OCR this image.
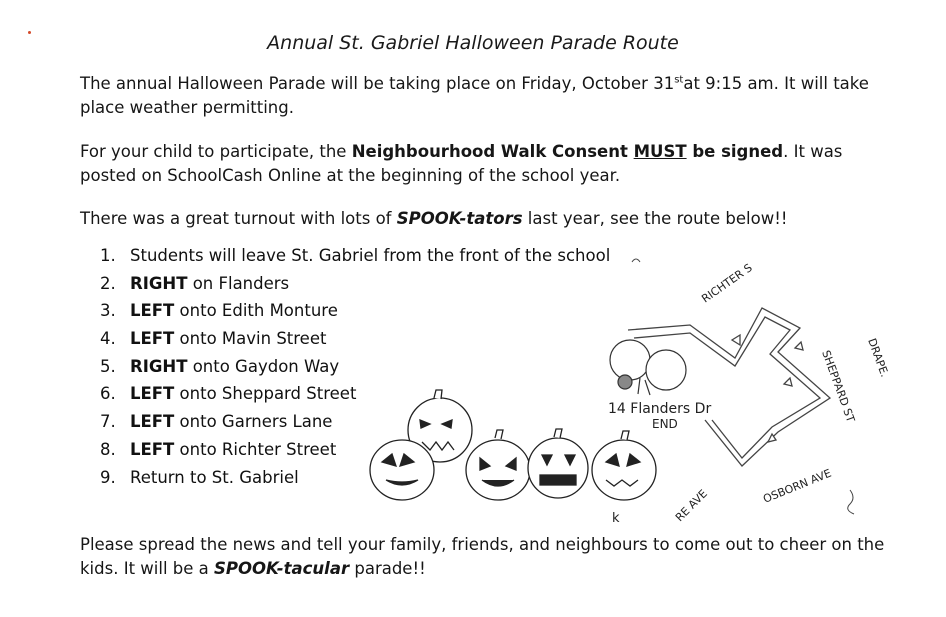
Annual St. Gabriel Halloween Parade Route
The annual Halloween Parade will be taking place on Friday, October 31stat 9:15 am. It will take place weather permitting.
For your child to participate, the Neighbourhood Walk Consent MUST be signed. It was posted on SchoolCash Online at the beginning of the school year.
There was a great turnout with lots of SPOOK-tators last year, see the route below!!
1. Students will leave St. Gabriel from the front of the school
2. RIGHT on Flanders
3. LEFT onto Edith Monture
4. LEFT onto Mavin Street
5. RIGHT onto Gaydon Way
6. LEFT onto Sheppard Street
7. LEFT onto Garners Lane
8. LEFT onto Richter Street
9. Return to St. Gabriel
14 Flanders Dr
END
RICHTER S
SHEPPARD ST DRAPE.
OSBORN AVE
RE AVE
k
Please spread the news and tell your family, friends, and neighbours to come out to cheer on the kids. It will be a SPOOK-tacular parade!!
